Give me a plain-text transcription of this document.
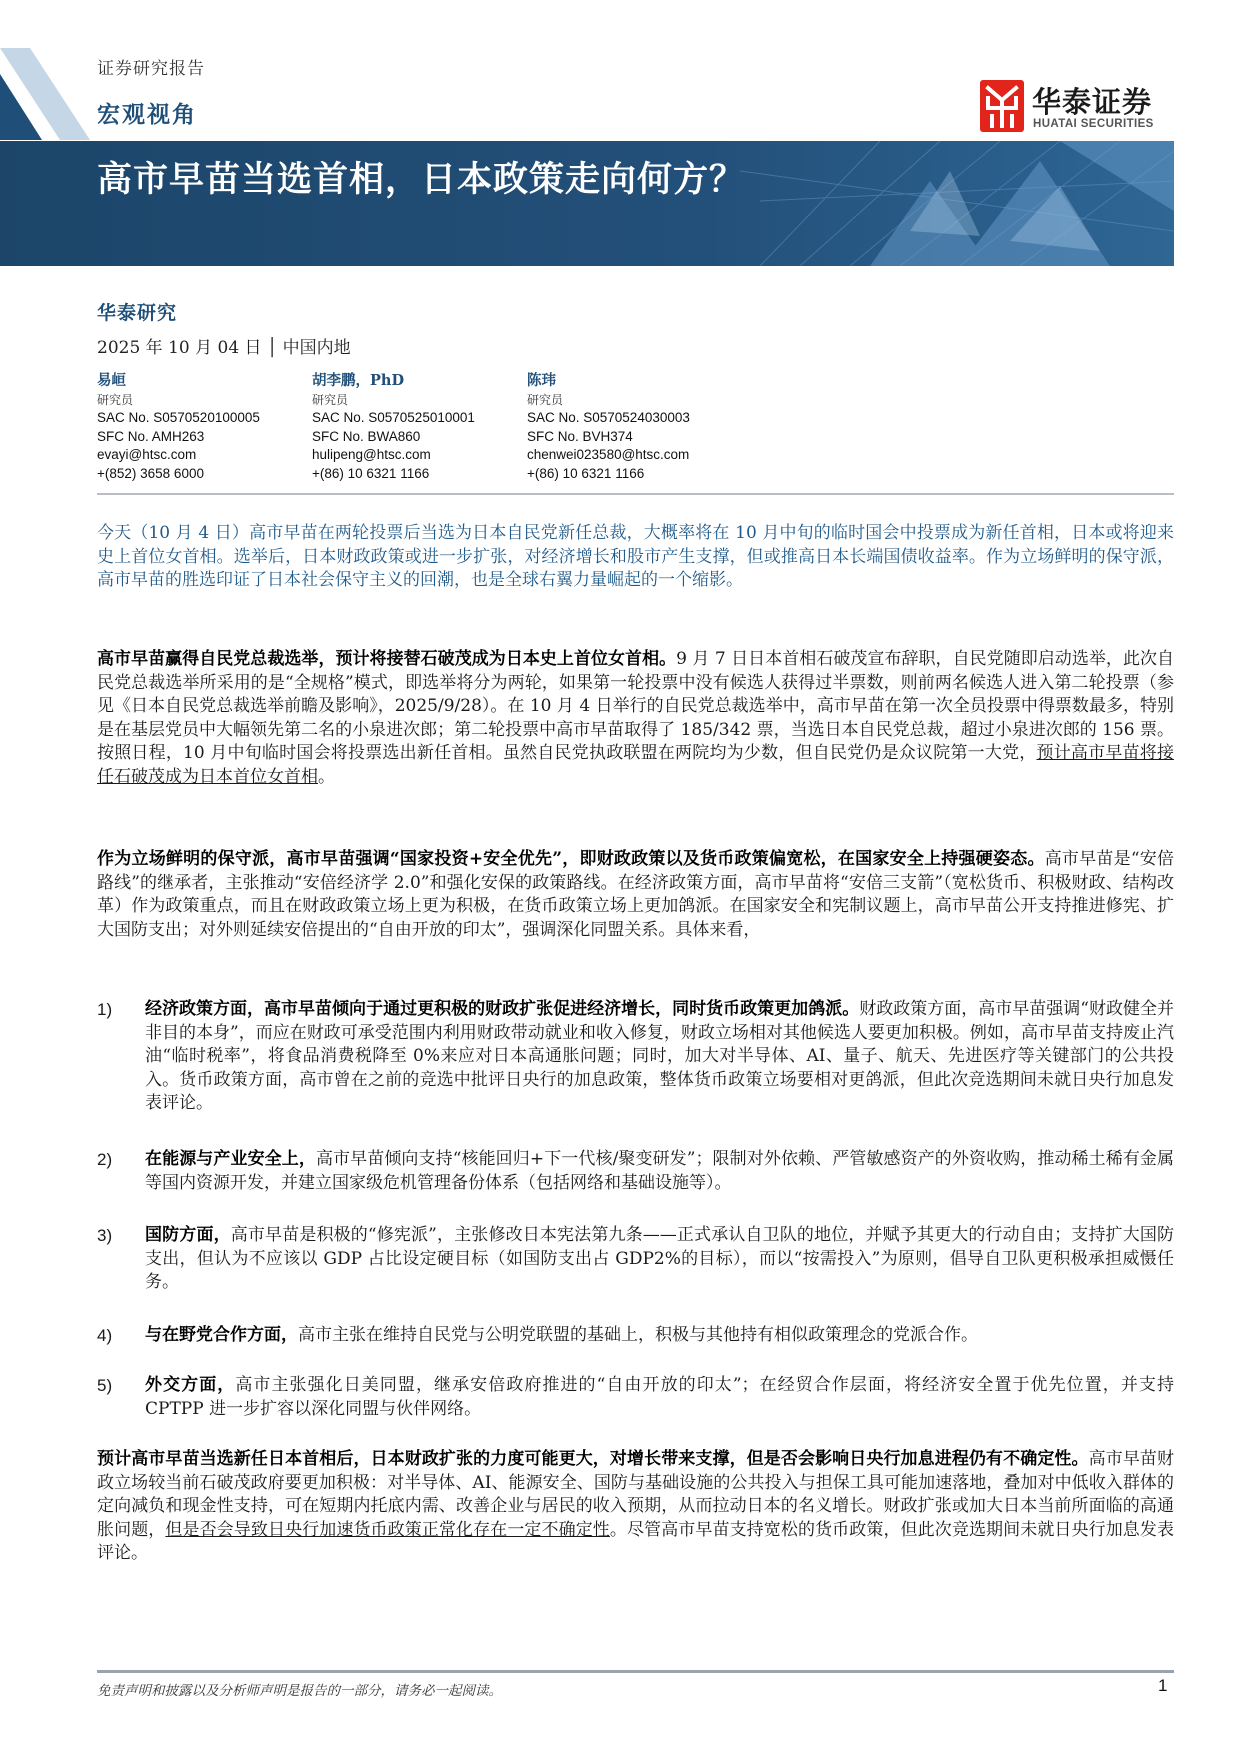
证券研究报告
宏观视角	华泰证券
HUATAI SECURITIES
高市早苗当选首相，日本政策走向何方？
华泰研究
2025 年 10 月 04 日 │ 中国内地
易峘
研究员
SAC No. S0570520100005
SFC No. AMH263
evayi@htsc.com
+(852) 3658 6000
胡李鹏，PhD
研究员
SAC No. S0570525010001
SFC No. BWA860
hulipeng@htsc.com
+(86) 10 6321 1166
陈玮
研究员
SAC No. S0570524030003
SFC No. BVH374
chenwei023580@htsc.com
+(86) 10 6321 1166
今天（10 月 4 日）高市早苗在两轮投票后当选为日本自民党新任总裁，大概率将在 10 月中旬的临时国会中投票成为新任首相，日本或将迎来史上首位女首相。选举后，日本财政政策或进一步扩张，对经济增长和股市产生支撑，但或推高日本长端国债收益率。作为立场鲜明的保守派，高市早苗的胜选印证了日本社会保守主义的回潮，也是全球右翼力量崛起的一个缩影。
高市早苗赢得自民党总裁选举，预计将接替石破茂成为日本史上首位女首相。9 月 7 日日本首相石破茂宣布辞职，自民党随即启动选举，此次自民党总裁选举所采用的是“全规格”模式，即选举将分为两轮，如果第一轮投票中没有候选人获得过半票数，则前两名候选人进入第二轮投票（参见《日本自民党总裁选举前瞻及影响》，2025/9/28）。在 10 月 4 日举行的自民党总裁选举中，高市早苗在第一次全员投票中得票数最多，特别是在基层党员中大幅领先第二名的小泉进次郎；第二轮投票中高市早苗取得了 185/342 票，当选日本自民党总裁，超过小泉进次郎的 156 票。按照日程，10 月中旬临时国会将投票选出新任首相。虽然自民党执政联盟在两院均为少数，但自民党仍是众议院第一大党，预计高市早苗将接任石破茂成为日本首位女首相。
作为立场鲜明的保守派，高市早苗强调“国家投资+安全优先”，即财政政策以及货币政策偏宽松，在国家安全上持强硬姿态。高市早苗是“安倍路线”的继承者，主张推动“安倍经济学 2.0”和强化安保的政策路线。在经济政策方面，高市早苗将“安倍三支箭”（宽松货币、积极财政、结构改革）作为政策重点，而且在财政政策立场上更为积极，在货币政策立场上更加鸽派。在国家安全和宪制议题上，高市早苗公开支持推进修宪、扩大国防支出；对外则延续安倍提出的“自由开放的印太”，强调深化同盟关系。具体来看，
1) 经济政策方面，高市早苗倾向于通过更积极的财政扩张促进经济增长，同时货币政策更加鸽派。财政政策方面，高市早苗强调“财政健全并非目的本身”，而应在财政可承受范围内利用财政带动就业和收入修复，财政立场相对其他候选人要更加积极。例如，高市早苗支持废止汽油“临时税率”，将食品消费税降至 0%来应对日本高通胀问题；同时，加大对半导体、AI、量子、航天、先进医疗等关键部门的公共投入。货币政策方面，高市曾在之前的竞选中批评日央行的加息政策，整体货币政策立场要相对更鸽派，但此次竞选期间未就日央行加息发表评论。
2) 在能源与产业安全上，高市早苗倾向支持“核能回归+下一代核/聚变研发”；限制对外依赖、严管敏感资产的外资收购，推动稀土稀有金属等国内资源开发，并建立国家级危机管理备份体系（包括网络和基础设施等）。
3) 国防方面，高市早苗是积极的“修宪派”，主张修改日本宪法第九条——正式承认自卫队的地位，并赋予其更大的行动自由；支持扩大国防支出，但认为不应该以 GDP 占比设定硬目标（如国防支出占 GDP2%的目标），而以“按需投入”为原则，倡导自卫队更积极承担威慑任务。
4) 与在野党合作方面，高市主张在维持自民党与公明党联盟的基础上，积极与其他持有相似政策理念的党派合作。
5) 外交方面，高市主张强化日美同盟，继承安倍政府推进的“自由开放的印太”；在经贸合作层面，将经济安全置于优先位置，并支持 CPTPP 进一步扩容以深化同盟与伙伴网络。
预计高市早苗当选新任日本首相后，日本财政扩张的力度可能更大，对增长带来支撑，但是否会影响日央行加息进程仍有不确定性。高市早苗财政立场较当前石破茂政府要更加积极：对半导体、AI、能源安全、国防与基础设施的公共投入与担保工具可能加速落地，叠加对中低收入群体的定向减负和现金性支持，可在短期内托底内需、改善企业与居民的收入预期，从而拉动日本的名义增长。财政扩张或加大日本当前所面临的高通胀问题，但是否会导致日央行加速货币政策正常化存在一定不确定性。尽管高市早苗支持宽松的货币政策，但此次竞选期间未就日央行加息发表评论。
免责声明和披露以及分析师声明是报告的一部分，请务必一起阅读。	1
